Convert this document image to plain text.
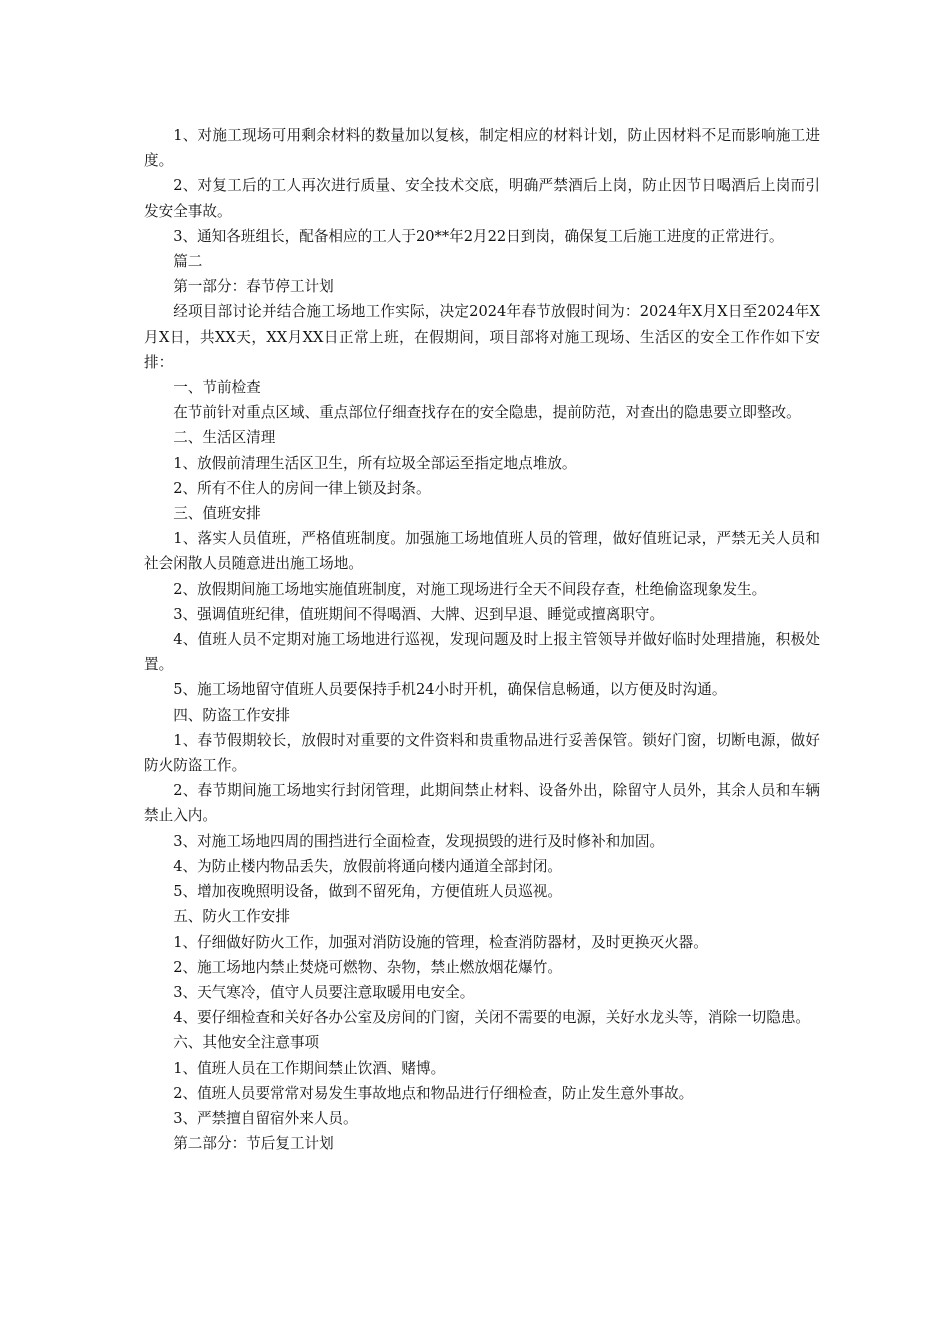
1、对施工现场可用剩余材料的数量加以复核，制定相应的材料计划，防止因材料不足而影响施工进度。

2、对复工后的工人再次进行质量、安全技术交底，明确严禁酒后上岗，防止因节日喝酒后上岗而引发安全事故。

3、通知各班组长，配备相应的工人于20**年2月22日到岗，确保复工后施工进度的正常进行。

篇二

第一部分：春节停工计划

经项目部讨论并结合施工场地工作实际，决定2024年春节放假时间为：2024年X月X日至2024年X月X日，共XX天，XX月XX日正常上班，在假期间，项目部将对施工现场、生活区的安全工作作如下安排：

一、节前检查

在节前针对重点区域、重点部位仔细查找存在的安全隐患，提前防范，对查出的隐患要立即整改。

二、生活区清理

1、放假前清理生活区卫生，所有垃圾全部运至指定地点堆放。

2、所有不住人的房间一律上锁及封条。

三、值班安排

1、落实人员值班，严格值班制度。加强施工场地值班人员的管理，做好值班记录，严禁无关人员和社会闲散人员随意进出施工场地。

2、放假期间施工场地实施值班制度，对施工现场进行全天不间段存查，杜绝偷盗现象发生。

3、强调值班纪律，值班期间不得喝酒、大牌、迟到早退、睡觉或擅离职守。

4、值班人员不定期对施工场地进行巡视，发现问题及时上报主管领导并做好临时处理措施，积极处置。

5、施工场地留守值班人员要保持手机24小时开机，确保信息畅通，以方便及时沟通。

四、防盗工作安排

1、春节假期较长，放假时对重要的文件资料和贵重物品进行妥善保管。锁好门窗，切断电源，做好防火防盗工作。

2、春节期间施工场地实行封闭管理，此期间禁止材料、设备外出，除留守人员外，其余人员和车辆禁止入内。

3、对施工场地四周的围挡进行全面检查，发现损毁的进行及时修补和加固。

4、为防止楼内物品丢失，放假前将通向楼内通道全部封闭。

5、增加夜晚照明设备，做到不留死角，方便值班人员巡视。

五、防火工作安排

1、仔细做好防火工作，加强对消防设施的管理，检查消防器材，及时更换灭火器。

2、施工场地内禁止焚烧可燃物、杂物，禁止燃放烟花爆竹。

3、天气寒冷，值守人员要注意取暖用电安全。

4、要仔细检查和关好各办公室及房间的门窗，关闭不需要的电源，关好水龙头等，消除一切隐患。

六、其他安全注意事项

1、值班人员在工作期间禁止饮酒、赌博。

2、值班人员要常常对易发生事故地点和物品进行仔细检查，防止发生意外事故。

3、严禁擅自留宿外来人员。

第二部分：节后复工计划
